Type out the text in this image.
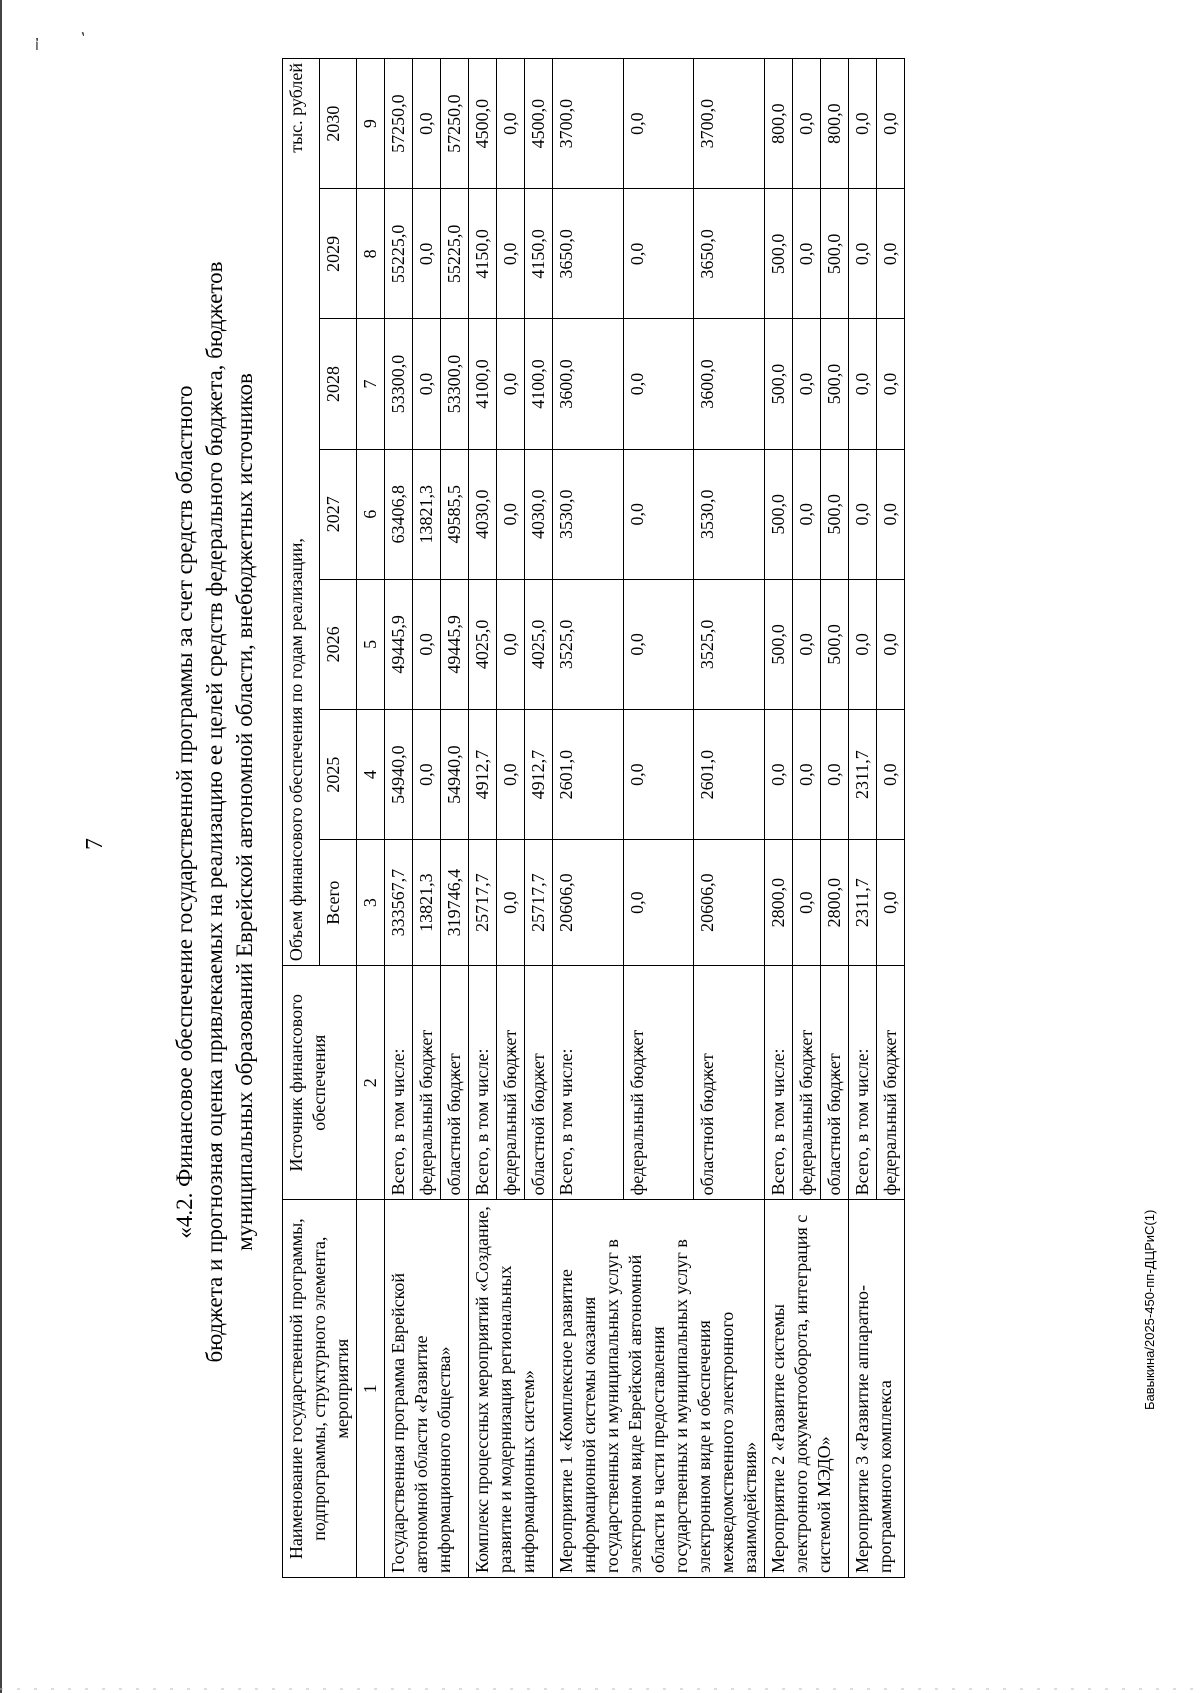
ı̓ ʼ
7
Бавыкина/2025-450-пп-ДЦРиС(1)
«4.2. Финансовое обеспечение государственной программы за счет средств областного бюджета и прогнозная оценка привлекаемых на реализацию ее целей средств федерального бюджета, бюджетов муниципальных образований Еврейской автономной области, внебюджетных источников
Наименование государственной программы, подпрограммы, структурного элемента, мероприятия	Источник финансового обеспечения	Объем финансового обеспечения по годам реализации,
тыс. рублей						

		Всего	2025	2026	2027	2028	2029	2030
1	2	3	4	5	6	7	8	9
Государственная программа Еврейской автономной области «Развитие информационного общества»	Всего, в том числе:	333567,7	54940,0	49445,9	63406,8	53300,0	55225,0	57250,0
	федеральный бюджет	13821,3	0,0	0,0	13821,3	0,0	0,0	0,0
	областной бюджет	319746,4	54940,0	49445,9	49585,5	53300,0	55225,0	57250,0
Комплекс процессных мероприятий «Создание, развитие и модернизация региональных информационных систем»	Всего, в том числе:	25717,7	4912,7	4025,0	4030,0	4100,0	4150,0	4500,0
	федеральный бюджет	0,0	0,0	0,0	0,0	0,0	0,0	0,0
	областной бюджет	25717,7	4912,7	4025,0	4030,0	4100,0	4150,0	4500,0
Мероприятие 1 «Комплексное развитие информационной системы оказания государственных и муниципальных услуг в электронном виде Еврейской автономной области в части предоставления государственных и муниципальных услуг в электронном виде и обеспечения межведомственного электронного взаимодействия»	Всего, в том числе:	20606,0	2601,0	3525,0	3530,0	3600,0	3650,0	3700,0
	федеральный бюджет	0,0	0,0	0,0	0,0	0,0	0,0	0,0
	областной бюджет	20606,0	2601,0	3525,0	3530,0	3600,0	3650,0	3700,0
Мероприятие 2 «Развитие системы электронного документооборота, интеграция с системой МЭДО»	Всего, в том числе:	2800,0	0,0	500,0	500,0	500,0	500,0	800,0
	федеральный бюджет	0,0	0,0	0,0	0,0	0,0	0,0	0,0
	областной бюджет	2800,0	0,0	500,0	500,0	500,0	500,0	800,0
Мероприятие 3 «Развитие аппаратно-программного комплекса	Всего, в том числе:	2311,7	2311,7	0,0	0,0	0,0	0,0	0,0
	федеральный бюджет	0,0	0,0	0,0	0,0	0,0	0,0	0,0
